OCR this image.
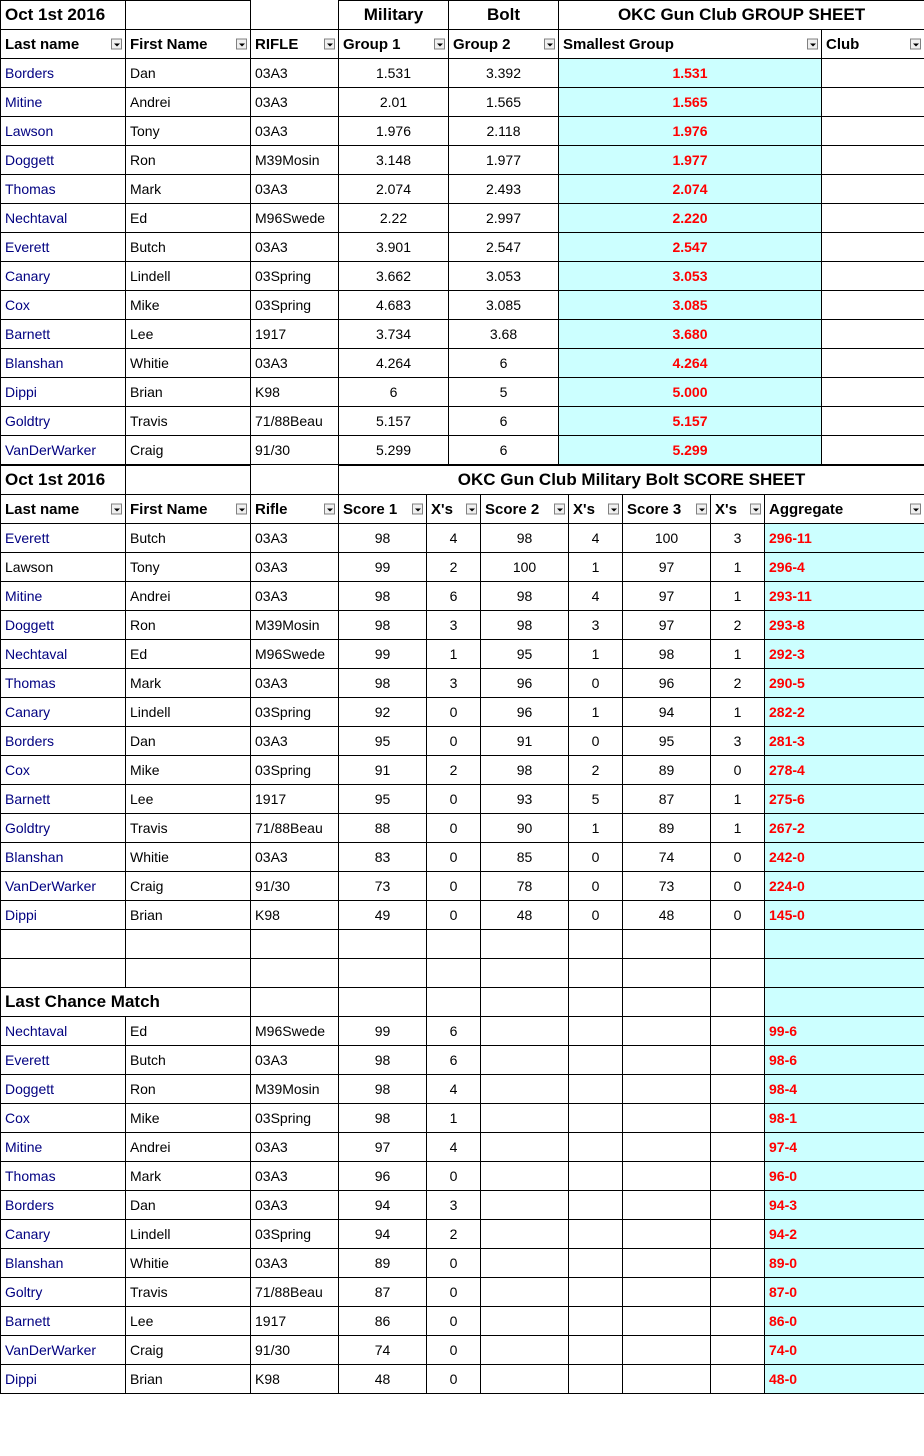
Oct 1st 2016			Military	Bolt	OKC Gun Club GROUP SHEET	
Last name	First Name	RIFLE	Group 1	Group 2	Smallest Group	Club

Borders	Dan	03A3	1.531	3.392	1.531	
Mitine	Andrei	03A3	2.01	1.565	1.565	
Lawson	Tony	03A3	1.976	2.118	1.976	
Doggett	Ron	M39Mosin	3.148	1.977	1.977	
Thomas	Mark	03A3	2.074	2.493	2.074	
Nechtaval	Ed	M96Swede	2.22	2.997	2.220	
Everett	Butch	03A3	3.901	2.547	2.547	
Canary	Lindell	03Spring	3.662	3.053	3.053	
Cox	Mike	03Spring	4.683	3.085	3.085	
Barnett	Lee	1917	3.734	3.68	3.680	
Blanshan	Whitie	03A3	4.264	6	4.264	
Dippi	Brian	K98	6	5	5.000	
Goldtry	Travis	71/88Beau	5.157	6	5.157	
VanDerWarker	Craig	91/30	5.299	6	5.299	
Oct 1st 2016			OKC Gun Club Military Bolt SCORE SHEET						
Last name	First Name	Rifle	Score 1	X's	Score 2	X's	Score 3	X's	Aggregate

Everett	Butch	03A3	98	4	98	4	100	3	296-11
Lawson	Tony	03A3	99	2	100	1	97	1	296-4
Mitine	Andrei	03A3	98	6	98	4	97	1	293-11
Doggett	Ron	M39Mosin	98	3	98	3	97	2	293-8
Nechtaval	Ed	M96Swede	99	1	95	1	98	1	292-3
Thomas	Mark	03A3	98	3	96	0	96	2	290-5
Canary	Lindell	03Spring	92	0	96	1	94	1	282-2
Borders	Dan	03A3	95	0	91	0	95	3	281-3
Cox	Mike	03Spring	91	2	98	2	89	0	278-4
Barnett	Lee	1917	95	0	93	5	87	1	275-6
Goldtry	Travis	71/88Beau	88	0	90	1	89	1	267-2
Blanshan	Whitie	03A3	83	0	85	0	74	0	242-0
VanDerWarker	Craig	91/30	73	0	78	0	73	0	224-0
Dippi	Brian	K98	49	0	48	0	48	0	145-0

Last Chance Match									
Nechtaval	Ed	M96Swede	99	6					99-6
Everett	Butch	03A3	98	6					98-6
Doggett	Ron	M39Mosin	98	4					98-4
Cox	Mike	03Spring	98	1					98-1
Mitine	Andrei	03A3	97	4					97-4
Thomas	Mark	03A3	96	0					96-0
Borders	Dan	03A3	94	3					94-3
Canary	Lindell	03Spring	94	2					94-2
Blanshan	Whitie	03A3	89	0					89-0
Goltry	Travis	71/88Beau	87	0					87-0
Barnett	Lee	1917	86	0					86-0
VanDerWarker	Craig	91/30	74	0					74-0
Dippi	Brian	K98	48	0					48-0
